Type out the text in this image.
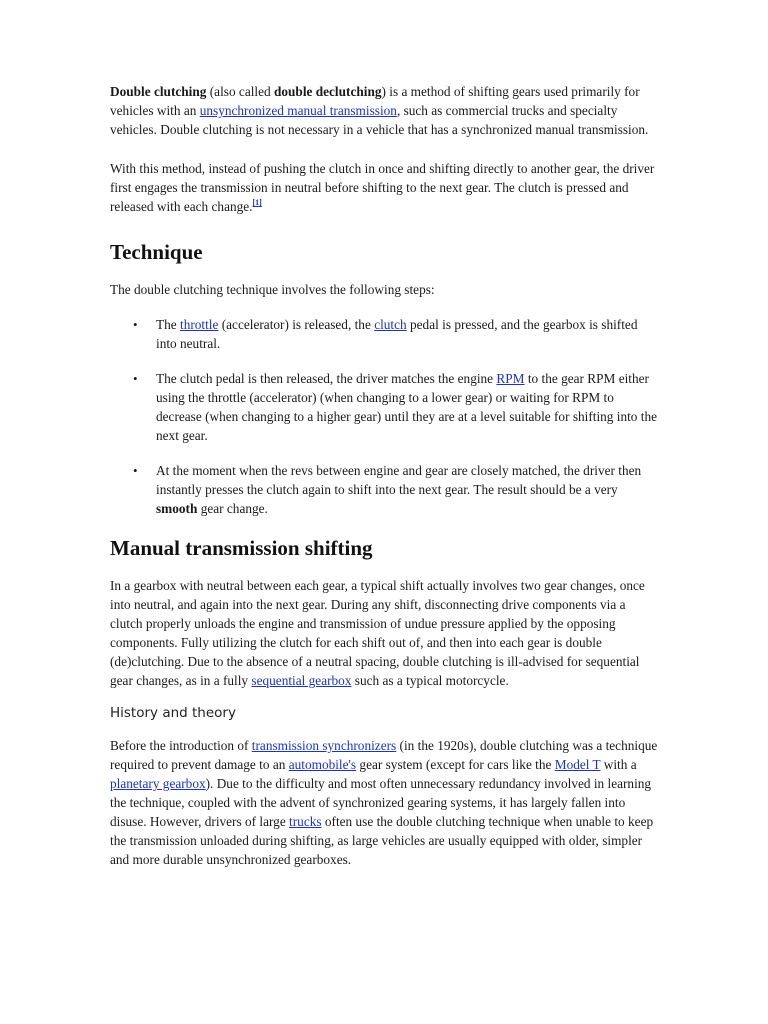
Double clutching (also called double declutching) is a method of shifting gears used primarily for vehicles with an unsynchronized manual transmission, such as commercial trucks and specialty vehicles. Double clutching is not necessary in a vehicle that has a synchronized manual transmission.

With this method, instead of pushing the clutch in once and shifting directly to another gear, the driver first engages the transmission in neutral before shifting to the next gear. The clutch is pressed and released with each change.[1]

Technique

The double clutching technique involves the following steps:

• The throttle (accelerator) is released, the clutch pedal is pressed, and the gearbox is shifted into neutral.
• The clutch pedal is then released, the driver matches the engine RPM to the gear RPM either using the throttle (accelerator) (when changing to a lower gear) or waiting for RPM to decrease (when changing to a higher gear) until they are at a level suitable for shifting into the next gear.
• At the moment when the revs between engine and gear are closely matched, the driver then instantly presses the clutch again to shift into the next gear. The result should be a very smooth gear change.
Manual transmission shifting

In a gearbox with neutral between each gear, a typical shift actually involves two gear changes, once into neutral, and again into the next gear. During any shift, disconnecting drive components via a clutch properly unloads the engine and transmission of undue pressure applied by the opposing components. Fully utilizing the clutch for each shift out of, and then into each gear is double (de)clutching. Due to the absence of a neutral spacing, double clutching is ill-advised for sequential gear changes, as in a fully sequential gearbox such as a typical motorcycle.

History and theory

Before the introduction of transmission synchronizers (in the 1920s), double clutching was a technique required to prevent damage to an automobile's gear system (except for cars like the Model T with a planetary gearbox). Due to the difficulty and most often unnecessary redundancy involved in learning the technique, coupled with the advent of synchronized gearing systems, it has largely fallen into disuse. However, drivers of large trucks often use the double clutching technique when unable to keep the transmission unloaded during shifting, as large vehicles are usually equipped with older, simpler and more durable unsynchronized gearboxes.
